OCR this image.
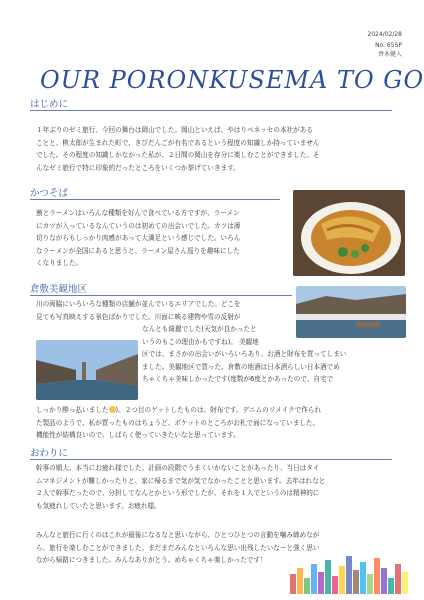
2024/02/28
No. 65SP
齊木健人
OUR PORONKUSEMA TO GO
はじめに
１年ぶりのゼミ旅行、今回の舞台は岡山でした。岡山といえば、やはりベネッセの本社がある
ことと、桃太郎が生まれた町で、きびだんごが有名であるという程度の知識しか持っていません
でした。その程度の知識しかなかった私が、２日間の岡山を存分に楽しむことができました。そ
んなゼミ旅行で特に印象的だったところをいくつか挙げていきます。
かつそば
割とラーメンはいろんな種類を好んで食べている方ですが、ラーメン
にカツが入っているなんていうのは初めての出会いでした。カツは薄
切りながらもしっかり肉感があって大満足という感じでした。いろん
なラーメンが全国にあると思うと、ラーメン屋さん巡りを趣味にした
くなりました。
倉敷美観地区
川の両脇にいろいろな種類の店舗が並んでいるエリアでした。どこを
見ても写真映えする景色ばかりでした。川面に映る建物や雪の反射が
なんとも綺麗でした(天気が良かったと
いうのもこの理由かもですね)。 美観地
区では、まさかの出会いがいろいろあり、お酒と財布を買ってしまい
ました。美観地区で買った、倉敷の地酒は日本酒らしい日本酒でめ
ちゃくちゃ美味しかったです(度数が6度とかあったので、自宅で
しっかり酔っ払いました )。２つ目のゲットしたものは、財布です。デニムのリメイクで作られ
た製品のようで、私が買ったものはちょうど、ポケットのところがお札で面になっていました。
機能性が結構良いので、しばらく使っていきたいなと思っています。
おわりに
幹事の順大、本当にお疲れ様でした。計画の段階でうまくいかないことがあったり、当日はタイ
ムマネジメントが難しかったりと、家に帰るまで気が気でなかったことと思います。去年はれなと
２人で幹事だったので、分担してなんとかという形でしたが、それを１人でというのは精神的に
も気疲れしていたと思います。お疲れ様。
みんなと旅行に行くのはこれが最後になるなと思いながら、ひとつひとつの言動を噛み締めなが
ら、旅行を楽しむことができました。まだまだみんなといろんな思い出残したいなーと強く思い
ながら帰路につきました。みんなありがとう。めちゃくちゃ楽しかったです！
